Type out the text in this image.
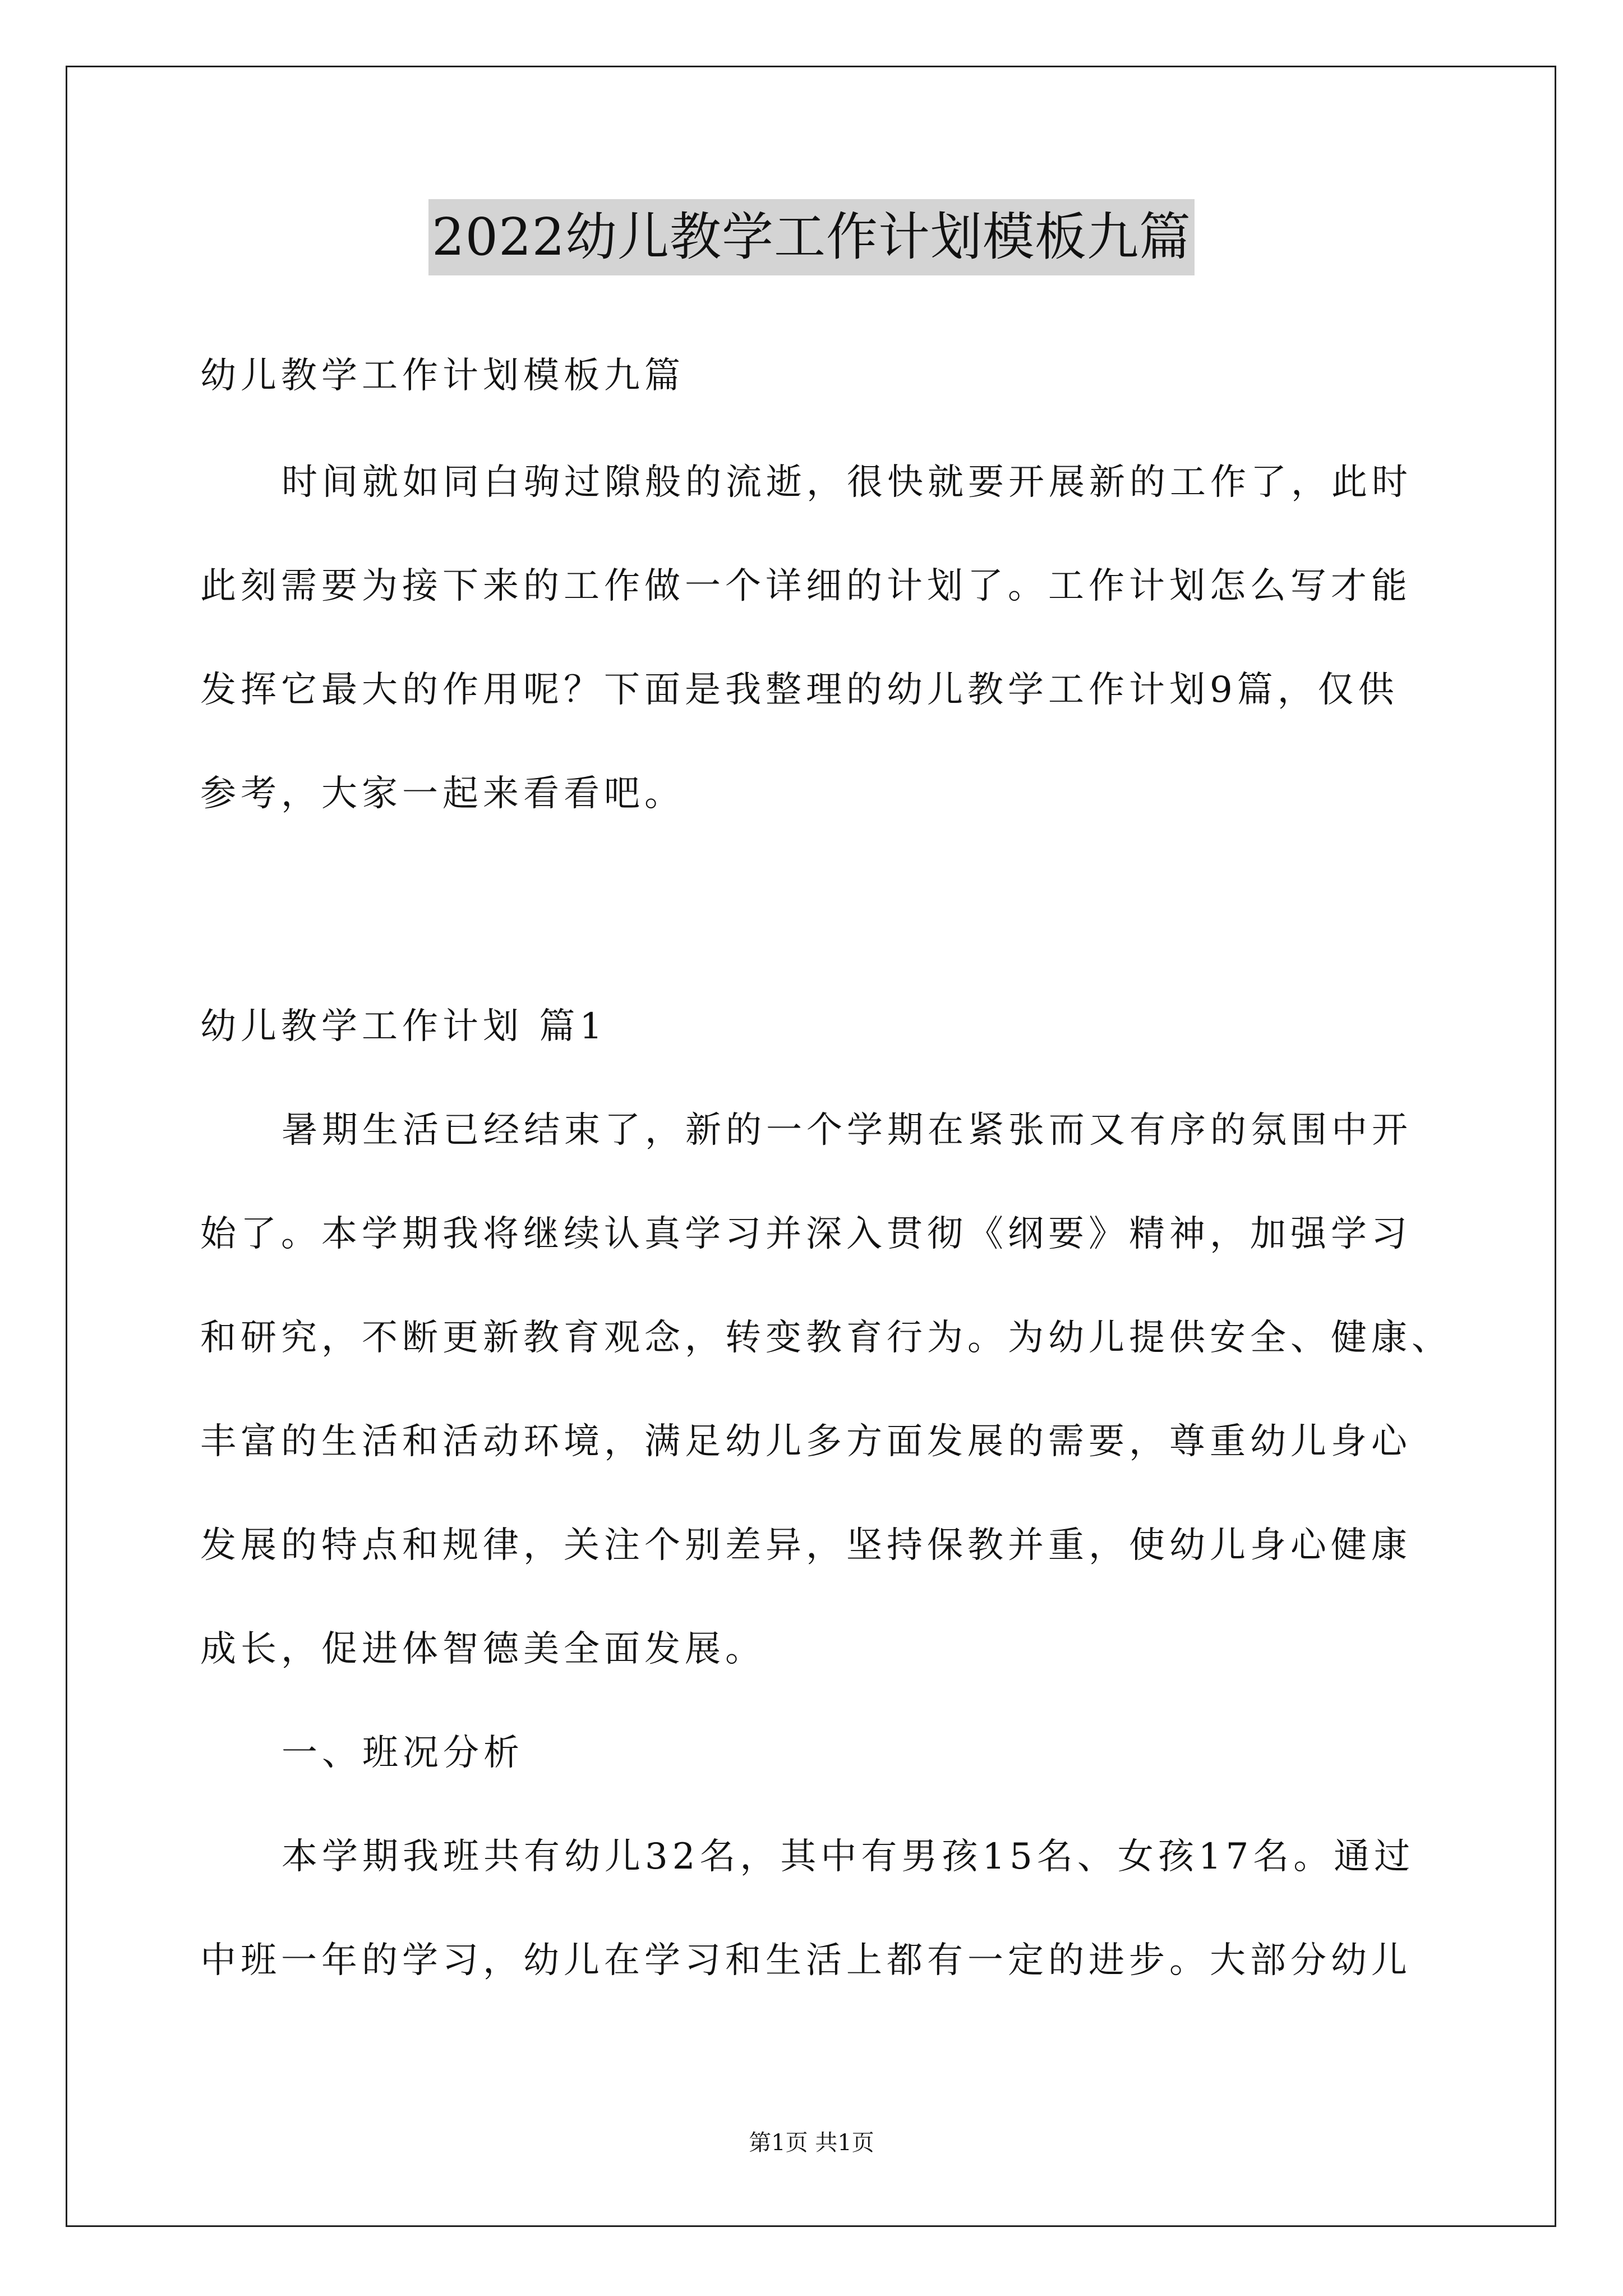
2022幼儿教学工作计划模板九篇
幼儿教学工作计划模板九篇
时间就如同白驹过隙般的流逝，很快就要开展新的工作了，此时
此刻需要为接下来的工作做一个详细的计划了。工作计划怎么写才能
发挥它最大的作用呢？下面是我整理的幼儿教学工作计划9篇，仅供
参考，大家一起来看看吧。
幼儿教学工作计划 篇1
暑期生活已经结束了，新的一个学期在紧张而又有序的氛围中开
始了。本学期我将继续认真学习并深入贯彻《纲要》精神，加强学习
和研究，不断更新教育观念，转变教育行为。为幼儿提供安全、健康、
丰富的生活和活动环境，满足幼儿多方面发展的需要，尊重幼儿身心
发展的特点和规律，关注个别差异，坚持保教并重，使幼儿身心健康
成长，促进体智德美全面发展。
一、班况分析
本学期我班共有幼儿32名，其中有男孩15名、女孩17名。通过
中班一年的学习，幼儿在学习和生活上都有一定的进步。大部分幼儿
第1页 共1页
